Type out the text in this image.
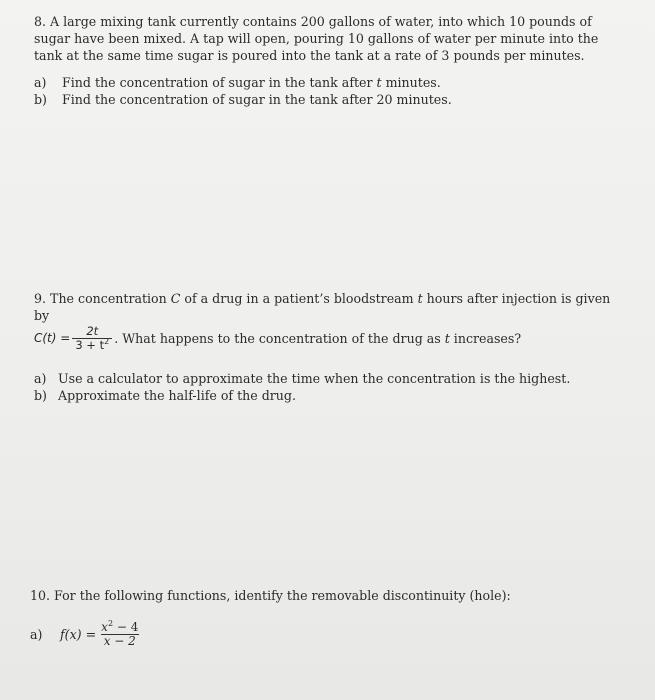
8. A large mixing tank currently contains 200 gallons of water, into which 10 pounds of sugar have been mixed. A tap will open, pouring 10 gallons of water per minute into the tank at the same time sugar is poured into the tank at a rate of 3 pounds per minutes.

a)	Find the concentration of sugar in the tank after t minutes.
b)	Find the concentration of sugar in the tank after 20 minutes.

9. The concentration C of a drug in a patient’s bloodstream t hours after injection is given by

$C(t) = \frac{2t}{3 + t^2}$ . What happens to the concentration of the drug as t increases?
a) Use a calculator to approximate the time when the concentration is the highest.
b) Approximate the half-life of the drug.

10. For the following functions, identify the removable discontinuity (hole):

a)	$f(x) = \frac{x^2 - 4}{x - 2}$
